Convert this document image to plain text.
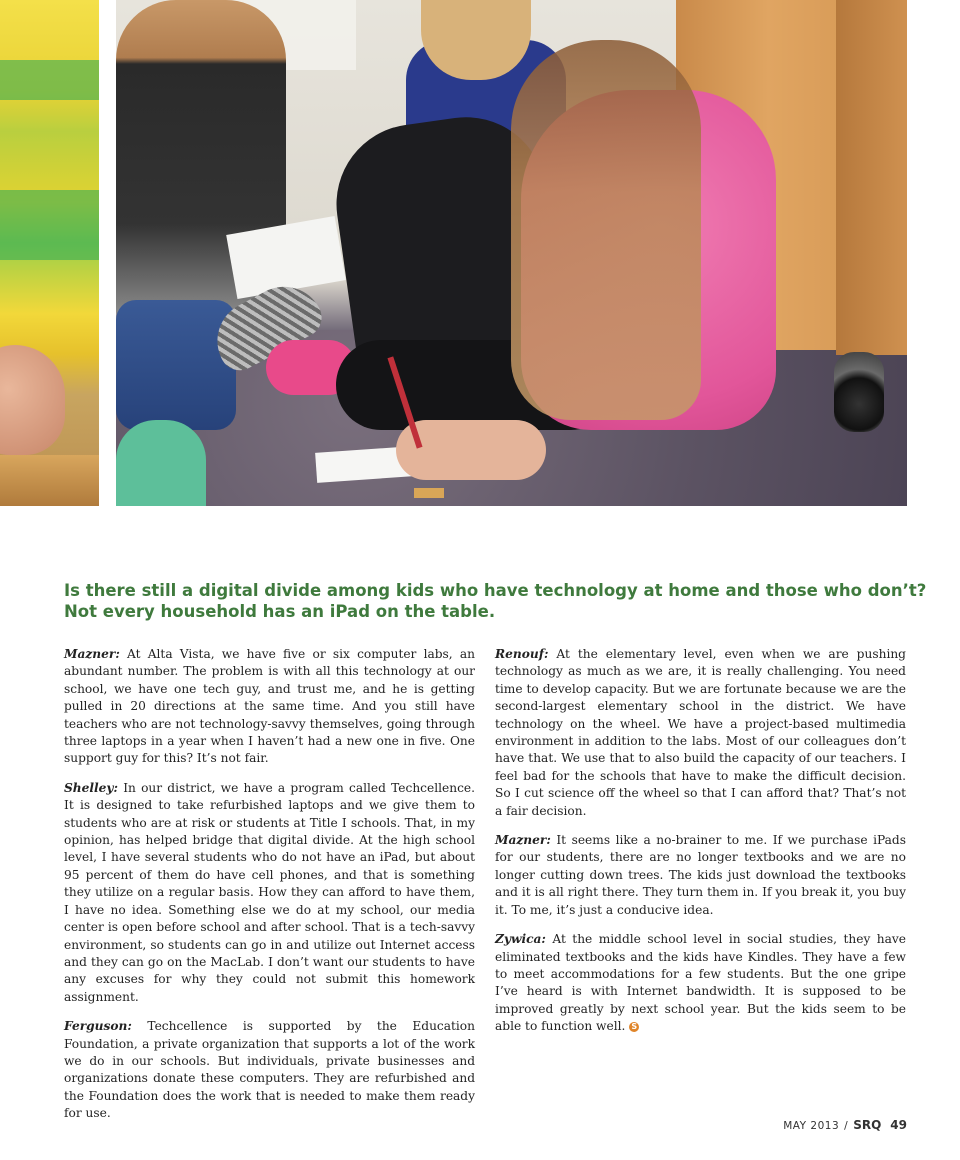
Is there still a digital divide among kids who have technology at home and those who don’t?
Not every household has an iPad on the table.

Mazner: At Alta Vista, we have five or six computer labs, an abundant number. The problem is with all this technology at our school, we have one tech guy, and trust me, and he is getting pulled in 20 directions at the same time. And you still have teachers who are not technology-savvy themselves, going through three laptops in a year when I haven’t had a new one in five. One support guy for this? It’s not fair.

Shelley: In our district, we have a program called Techcellence. It is designed to take refurbished laptops and we give them to students who are at risk or students at Title I schools. That, in my opinion, has helped bridge that digital divide. At the high school level, I have several students who do not have an iPad, but about 95 percent of them do have cell phones, and that is something they utilize on a regular basis. How they can afford to have them, I have no idea. Something else we do at my school, our media center is open before school and after school. That is a tech-savvy environment, so students can go in and utilize out Internet access and they can go on the MacLab. I don’t want our students to have any excuses for why they could not submit this homework assignment.

Ferguson: Techcellence is supported by the Education Foundation, a private organization that supports a lot of the work we do in our schools. But individuals, private businesses and organizations donate these computers. They are refurbished and the Foundation does the work that is needed to make them ready for use.

Renouf: At the elementary level, even when we are pushing technology as much as we are, it is really challenging. You need time to develop capacity. But we are fortunate because we are the second-largest elementary school in the district. We have technology on the wheel. We have a project-based multimedia environment in addition to the labs. Most of our colleagues don’t have that. We use that to also build the capacity of our teachers. I feel bad for the schools that have to make the difficult decision. So I cut science off the wheel so that I can afford that? That’s not a fair decision.

Mazner: It seems like a no-brainer to me. If we purchase iPads for our students, there are no longer textbooks and we are no longer cutting down trees. The kids just download the textbooks and it is all right there. They turn them in. If you break it, you buy it. To me, it’s just a conducive idea.

Zywica: At the middle school level in social studies, they have eliminated textbooks and the kids have Kindles. They have a few to meet accommodations for a few students. But the one gripe I’ve heard is with Internet bandwidth. It is supposed to be improved greatly by next school year. But the kids seem to be able to function well. S

MAY 2013 / SRQ 49
